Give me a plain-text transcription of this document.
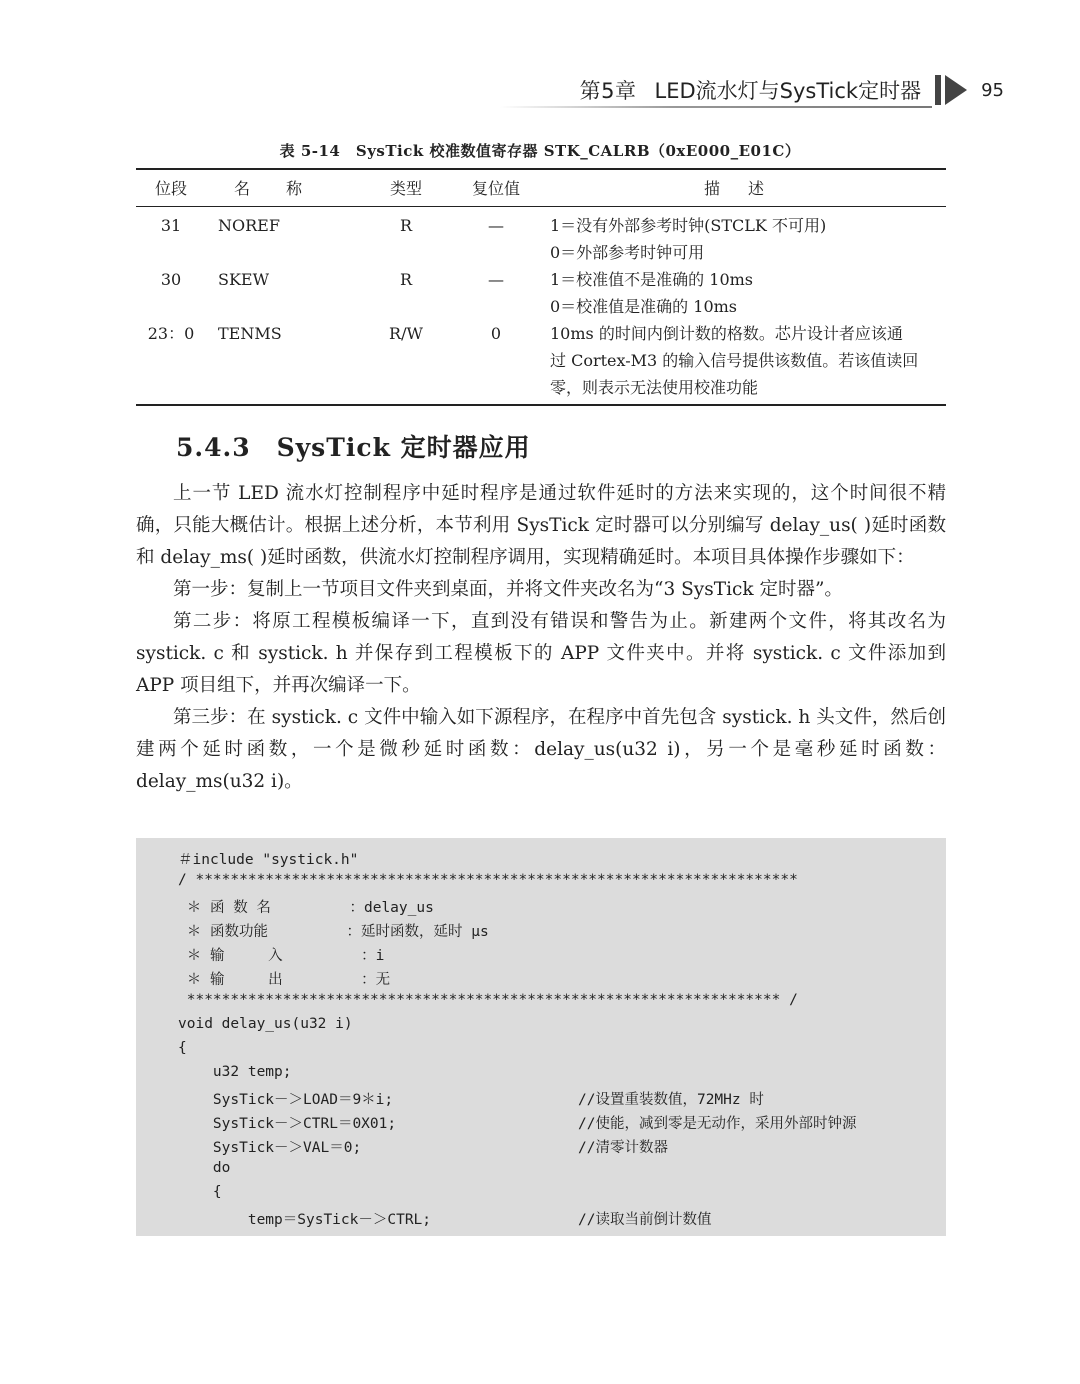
第5章 LED流水灯与SysTick定时器	95
表 5-14　SysTick 校准数值寄存器 STK_CALRB（0xE000_E01C）
位段	名称	类型	复位值	描述
31	NOREF	R	—	1＝没有外部参考时钟(STCLK 不可用)
0＝外部参考时钟可用
30	SKEW	R	—	1＝校准值不是准确的 10ms
0＝校准值是准确的 10ms
23：0	TENMS	R/W	0	10ms 的时间内倒计数的格数。芯片设计者应该通
过 Cortex-M3 的输入信号提供该数值。若该值读回
零，则表示无法使用校准功能
5.4.3　SysTick 定时器应用

上一节 LED 流水灯控制程序中延时程序是通过软件延时的方法来实现的，这个时间很不精确，只能大概估计。根据上述分析，本节利用 SysTick 定时器可以分别编写 delay_us( )延时函数和 delay_ms( )延时函数，供流水灯控制程序调用，实现精确延时。本项目具体操作步骤如下：

第一步：复制上一节项目文件夹到桌面，并将文件夹改名为“3 SysTick 定时器”。

第二步：将原工程模板编译一下，直到没有错误和警告为止。新建两个文件，将其改名为 systick. c 和 systick. h 并保存到工程模板下的 APP 文件夹中。并将 systick. c 文件添加到 APP 项目组下，并再次编译一下。

第三步：在 systick. c 文件中输入如下源程序，在程序中首先包含 systick. h 头文件，然后创建两个延时函数，一个是微秒延时函数：delay_us(u32 i)，另一个是毫秒延时函数：delay_ms(u32 i)。

＃include "systick.h"
/ *********************************************************************
＊ 函 数 名         ：delay_us
＊ 函数功能         ：延时函数，延时 μs
＊ 输     入         ：i
＊ 输     出         ：无
******************************************************************** /
void delay_us(u32 i)
{
u32 temp;
SysTick－＞LOAD＝9＊i;	//设置重装数值，72MHz 时
SysTick－＞CTRL＝0X01;	//使能，减到零是无动作，采用外部时钟源
SysTick－＞VAL＝0;	//清零计数器
do
{
temp＝SysTick－＞CTRL;	//读取当前倒计数值
